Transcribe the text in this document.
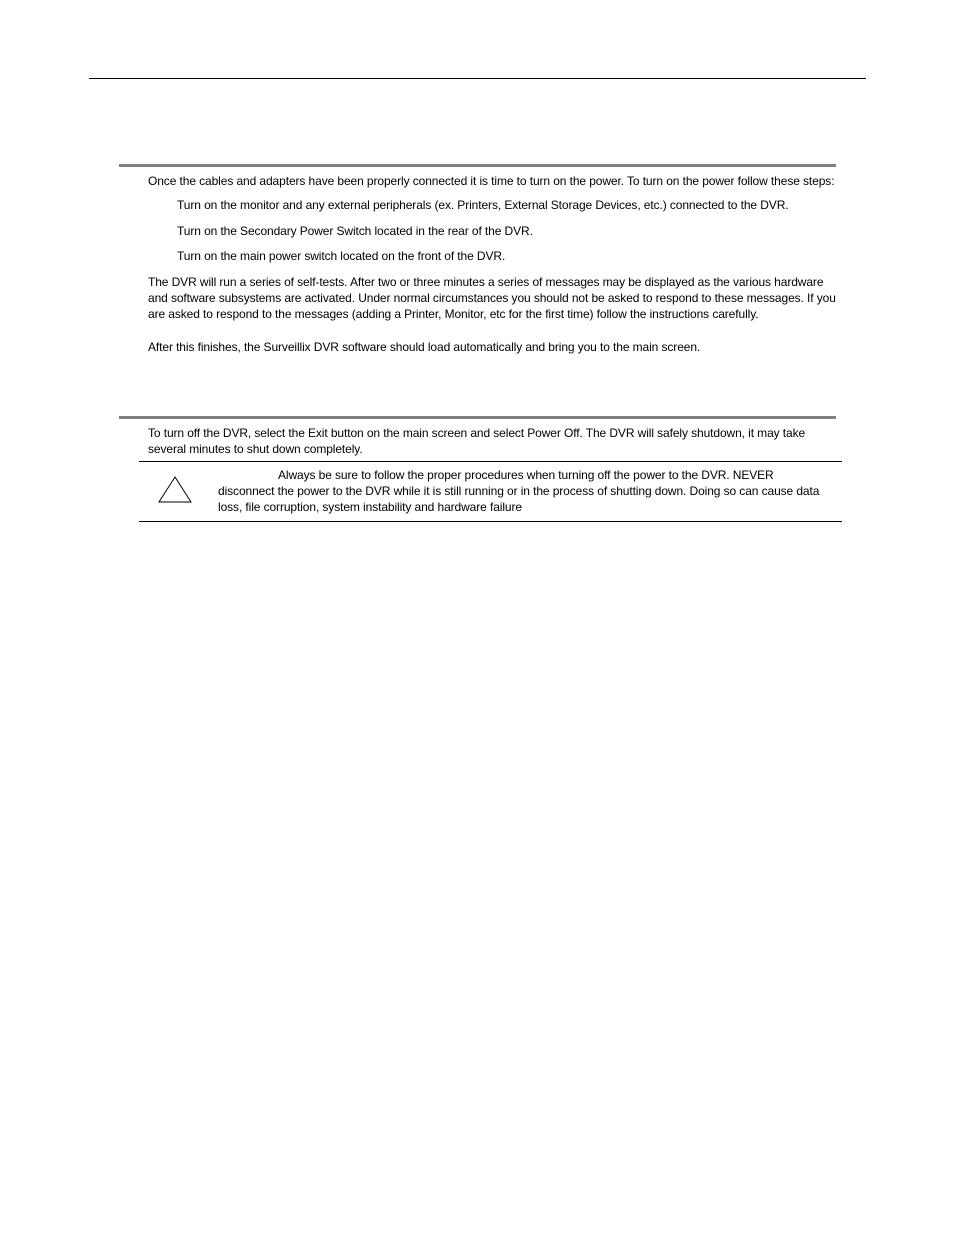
Once the cables and adapters have been properly connected it is time to turn on the power. To turn on the power follow these steps:
Turn on the monitor and any external peripherals (ex. Printers, External Storage Devices, etc.) connected to the DVR.
Turn on the Secondary Power Switch located in the rear of the DVR.
Turn on the main power switch located on the front of the DVR.
The DVR will run a series of self-tests. After two or three minutes a series of messages may be displayed as the various hardware and software subsystems are activated. Under normal circumstances you should not be asked to respond to these messages. If you are asked to respond to the messages (adding a Printer, Monitor, etc for the first time) follow the instructions carefully.
After this finishes, the Surveillix DVR software should load automatically and bring you to the main screen.
To turn off the DVR, select the Exit button on the main screen and select Power Off. The DVR will safely shutdown, it may take several minutes to shut down completely.
Always be sure to follow the proper procedures when turning off the power to the DVR. NEVER disconnect the power to the DVR while it is still running or in the process of shutting down. Doing so can cause data loss, file corruption, system instability and hardware failure
